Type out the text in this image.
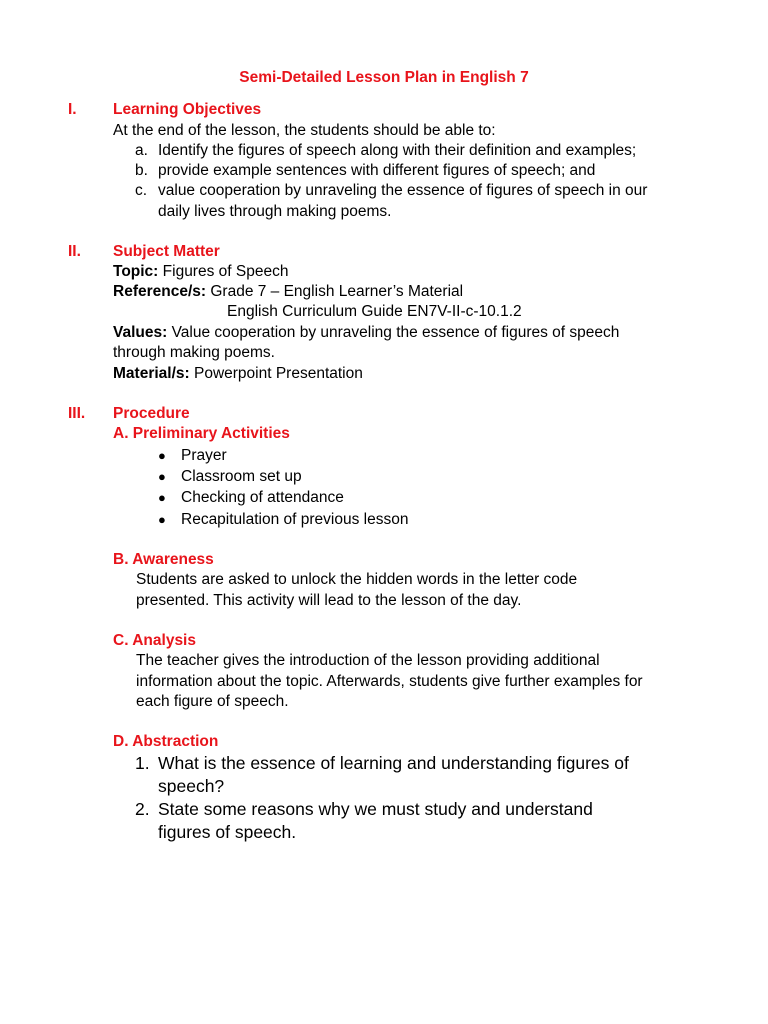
Semi-Detailed Lesson Plan in English 7
I. Learning Objectives
At the end of the lesson, the students should be able to:
a. Identify the figures of speech along with their definition and examples;
b. provide example sentences with different figures of speech; and
c. value cooperation by unraveling the essence of figures of speech in our
daily lives through making poems.
II. Subject Matter
Topic: Figures of Speech
Reference/s: Grade 7 – English Learner’s Material
English Curriculum Guide EN7V-II-c-10.1.2
Values: Value cooperation by unraveling the essence of figures of speech
through making poems.
Material/s: Powerpoint Presentation
III. Procedure
A. Preliminary Activities
● Prayer
● Classroom set up
● Checking of attendance
● Recapitulation of previous lesson
B. Awareness
Students are asked to unlock the hidden words in the letter code
presented. This activity will lead to the lesson of the day.
C. Analysis
The teacher gives the introduction of the lesson providing additional
information about the topic. Afterwards, students give further examples for
each figure of speech.
D. Abstraction
1. What is the essence of learning and understanding figures of
speech?
2. State some reasons why we must study and understand
figures of speech.
